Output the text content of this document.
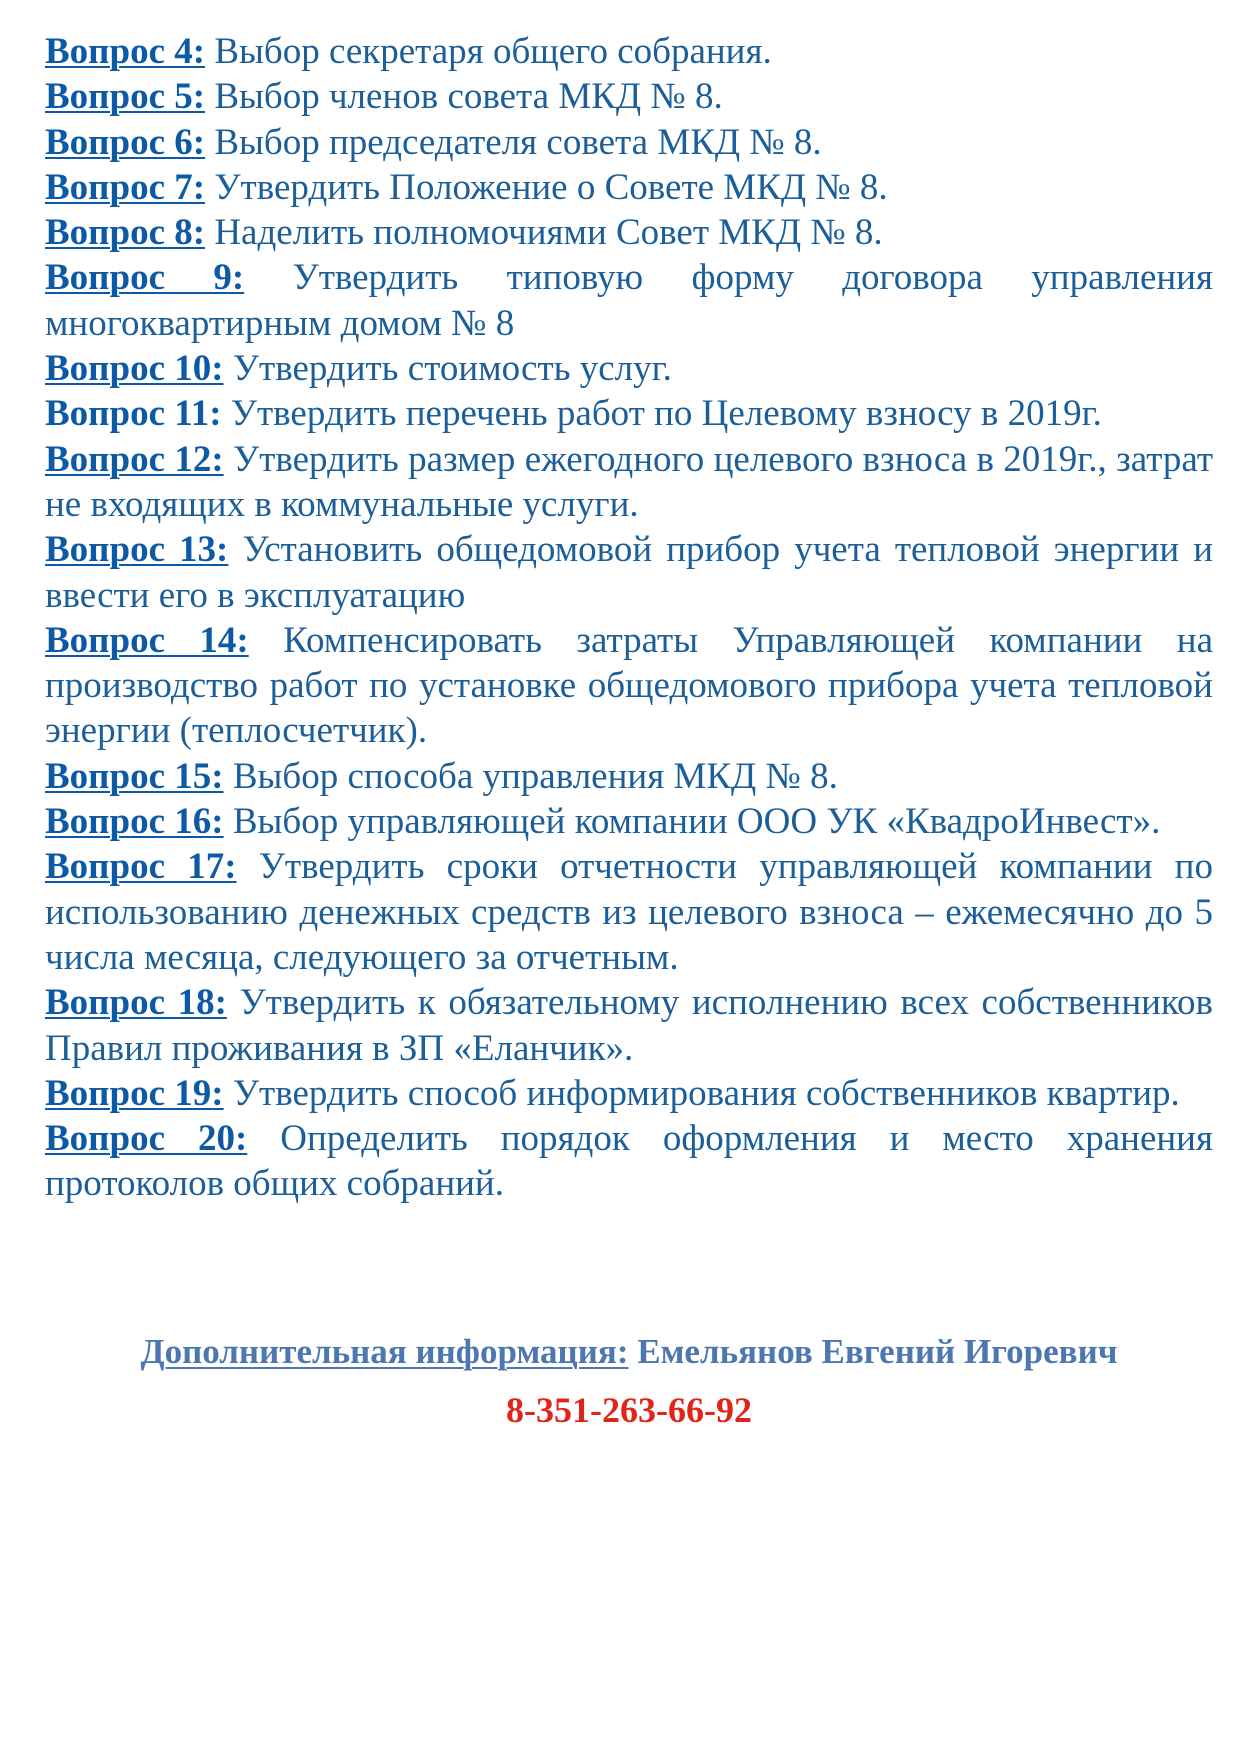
Вопрос 4: Выбор секретаря общего собрания.

Вопрос 5: Выбор членов совета МКД № 8.

Вопрос 6: Выбор председателя совета МКД № 8.

Вопрос 7: Утвердить Положение о Совете МКД № 8.

Вопрос 8: Наделить полномочиями Совет МКД № 8.

Вопрос 9: Утвердить типовую форму договора управления многоквартирным домом № 8

Вопрос 10: Утвердить стоимость услуг.

Вопрос 11: Утвердить перечень работ по Целевому взносу в 2019г.

Вопрос 12: Утвердить размер ежегодного целевого взноса в 2019г., затрат не входящих в коммунальные услуги.

Вопрос 13: Установить общедомовой прибор учета тепловой энергии и ввести его в эксплуатацию

Вопрос 14: Компенсировать затраты Управляющей компании на производство работ по установке общедомового прибора учета тепловой энергии (теплосчетчик).

Вопрос 15: Выбор способа управления МКД № 8.

Вопрос 16: Выбор управляющей компании ООО УК «КвадроИнвест».

Вопрос 17: Утвердить сроки отчетности управляющей компании по использованию денежных средств из целевого взноса – ежемесячно до 5 числа месяца, следующего за отчетным.

Вопрос 18: Утвердить к обязательному исполнению всех собственников Правил проживания в ЗП «Еланчик».

Вопрос 19: Утвердить способ информирования собственников квартир.

Вопрос 20: Определить порядок оформления и место хранения протоколов общих собраний.

Дополнительная информация: Емельянов Евгений Игоревич
8-351-263-66-92
